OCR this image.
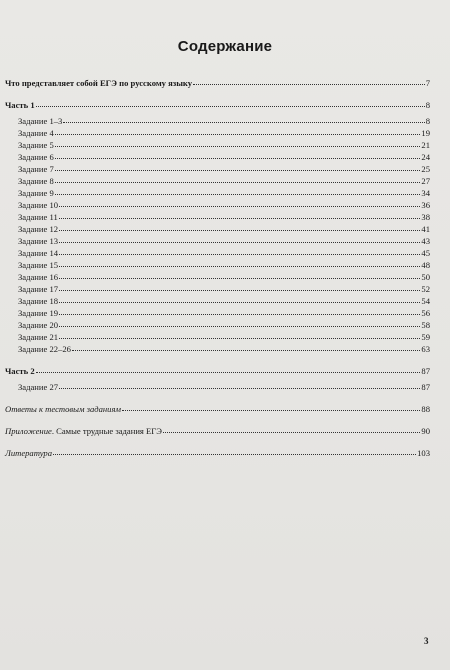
Содержание
Что представляет собой ЕГЭ по русскому языку	7
Часть 1	8
Задание 1–3	8
Задание 4	19
Задание 5	21
Задание 6	24
Задание 7	25
Задание 8	27
Задание 9	34
Задание 10	36
Задание 11	38
Задание 12	41
Задание 13	43
Задание 14	45
Задание 15	48
Задание 16	50
Задание 17	52
Задание 18	54
Задание 19	56
Задание 20	58
Задание 21	59
Задание 22–26	63
Часть 2	87
Задание 27	87
Ответы к тестовым заданиям	88
Приложение. Самые трудные задания ЕГЭ	90
Литература	103
3
